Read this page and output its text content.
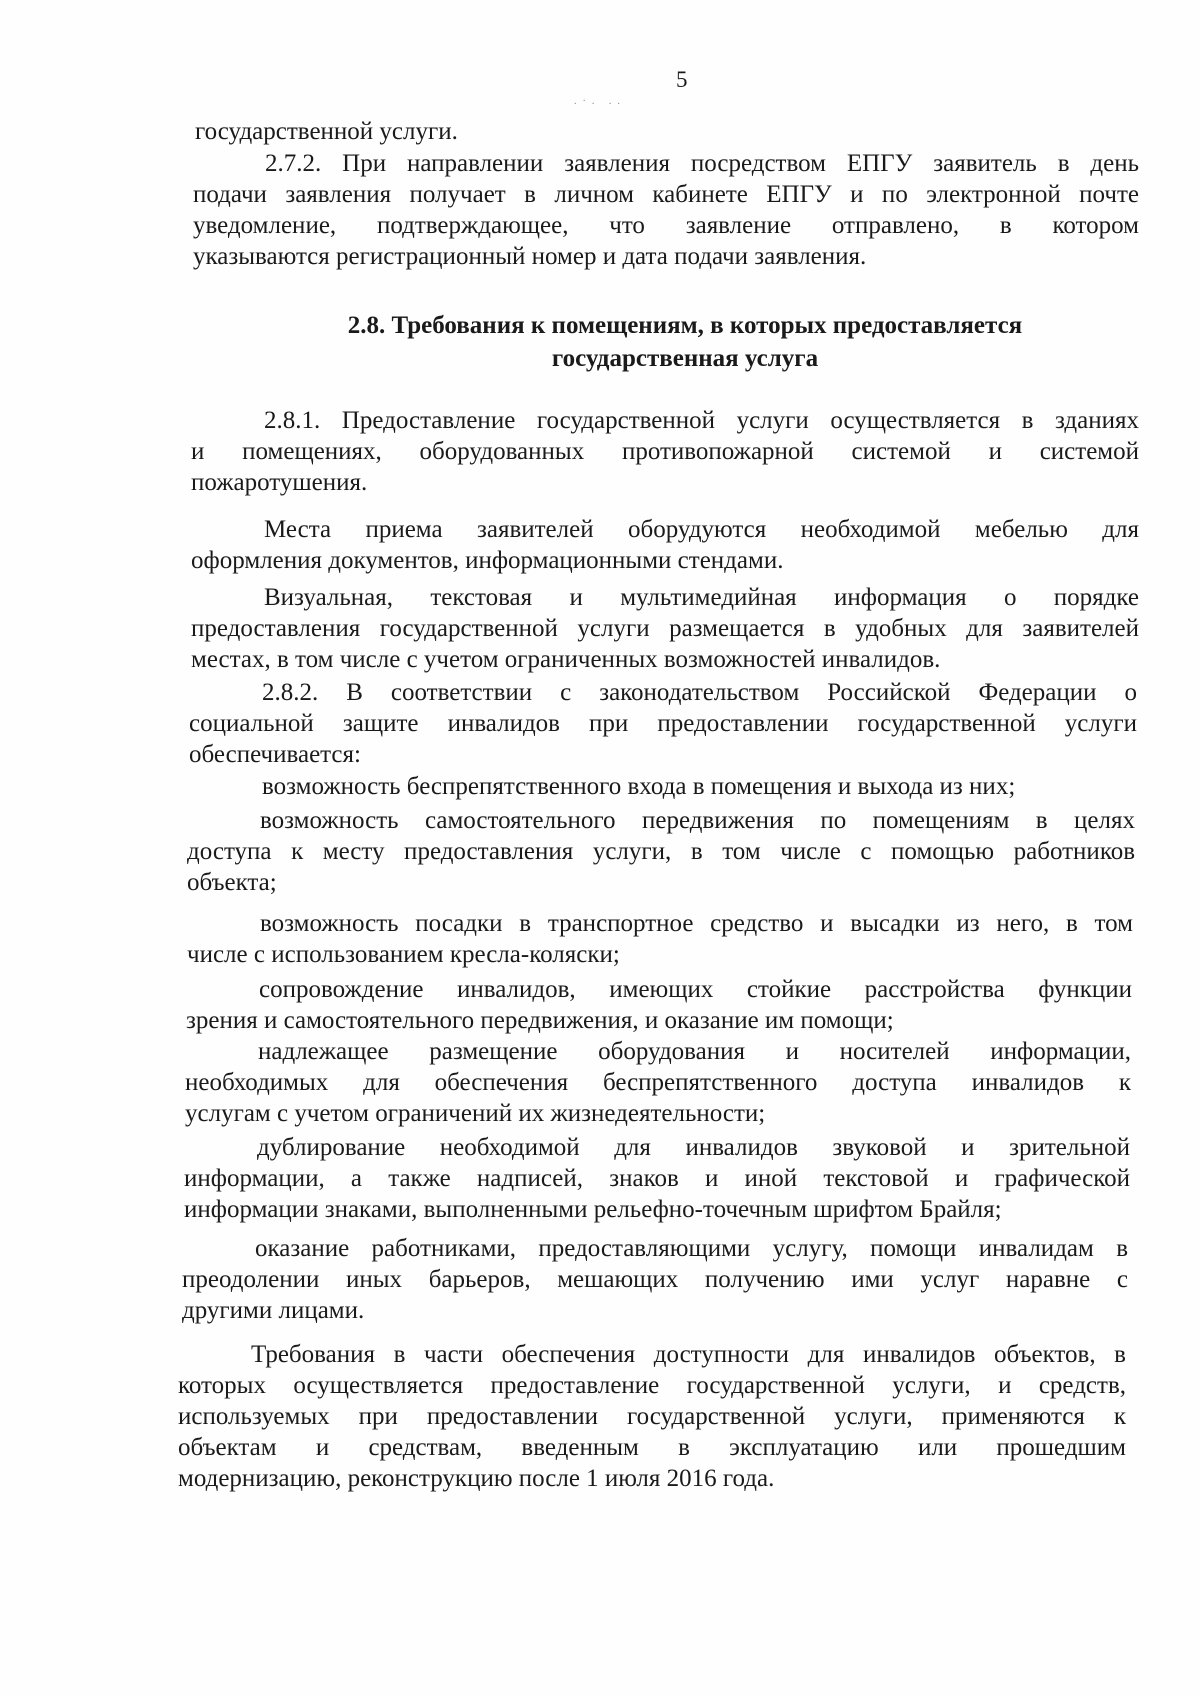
5
.·. ..
государственной услуги.
2.7.2. При направлении заявления посредством ЕПГУ заявитель в день
подачи заявления получает в личном кабинете ЕПГУ и по электронной почте
уведомление, подтверждающее, что заявление отправлено, в котором
указываются регистрационный номер и дата подачи заявления.
2.8. Требования к помещениям, в которых предоставляется
государственная услуга
2.8.1. Предоставление государственной услуги осуществляется в зданиях
и помещениях, оборудованных противопожарной системой и системой
пожаротушения.
Места приема заявителей оборудуются необходимой мебелью для
оформления документов, информационными стендами.
Визуальная, текстовая и мультимедийная информация о порядке
предоставления государственной услуги размещается в удобных для заявителей
местах, в том числе с учетом ограниченных возможностей инвалидов.
2.8.2. В соответствии с законодательством Российской Федерации о
социальной защите инвалидов при предоставлении государственной услуги
обеспечивается:
возможность беспрепятственного входа в помещения и выхода из них;
возможность самостоятельного передвижения по помещениям в целях
доступа к месту предоставления услуги, в том числе с помощью работников
объекта;
возможность посадки в транспортное средство и высадки из него, в том
числе с использованием кресла-коляски;
сопровождение инвалидов, имеющих стойкие расстройства функции
зрения и самостоятельного передвижения, и оказание им помощи;
надлежащее размещение оборудования и носителей информации,
необходимых для обеспечения беспрепятственного доступа инвалидов к
услугам с учетом ограничений их жизнедеятельности;
дублирование необходимой для инвалидов звуковой и зрительной
информации, а также надписей, знаков и иной текстовой и графической
информации знаками, выполненными рельефно-точечным шрифтом Брайля;
оказание работниками, предоставляющими услугу, помощи инвалидам в
преодолении иных барьеров, мешающих получению ими услуг наравне с
другими лицами.
Требования в части обеспечения доступности для инвалидов объектов, в
которых осуществляется предоставление государственной услуги, и средств,
используемых при предоставлении государственной услуги, применяются к
объектам и средствам, введенным в эксплуатацию или прошедшим
модернизацию, реконструкцию после 1 июля 2016 года.
